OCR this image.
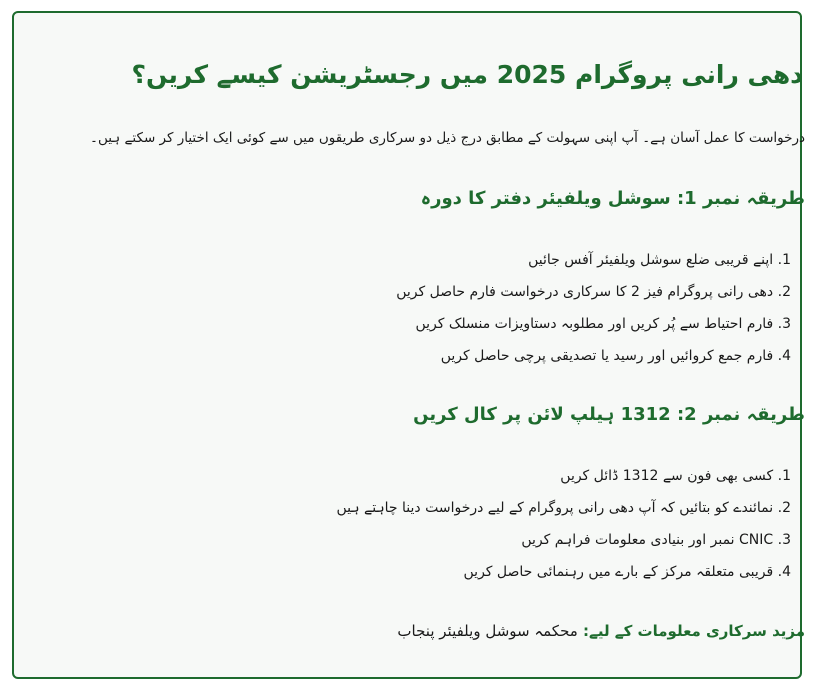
دھی رانی پروگرام 2025 میں رجسٹریشن کیسے کریں؟

درخواست کا عمل آسان ہے۔ آپ اپنی سہولت کے مطابق درج ذیل دو سرکاری طریقوں میں سے کوئی ایک اختیار کر سکتے ہیں۔

طریقہ نمبر 1: سوشل ویلفیئر دفتر کا دورہ
1. اپنے قریبی ضلع سوشل ویلفیئر آفس جائیں
2. دھی رانی پروگرام فیز 2 کا سرکاری درخواست فارم حاصل کریں
3. فارم احتیاط سے پُر کریں اور مطلوبہ دستاویزات منسلک کریں
4. فارم جمع کروائیں اور رسید یا تصدیقی پرچی حاصل کریں
طریقہ نمبر 2: 1312 ہیلپ لائن پر کال کریں
1. کسی بھی فون سے 1312 ڈائل کریں
2. نمائندے کو بتائیں کہ آپ دھی رانی پروگرام کے لیے درخواست دینا چاہتے ہیں
3. CNIC نمبر اور بنیادی معلومات فراہم کریں
4. قریبی متعلقہ مرکز کے بارے میں رہنمائی حاصل کریں

مزید سرکاری معلومات کے لیے: محکمہ سوشل ویلفیئر پنجاب
